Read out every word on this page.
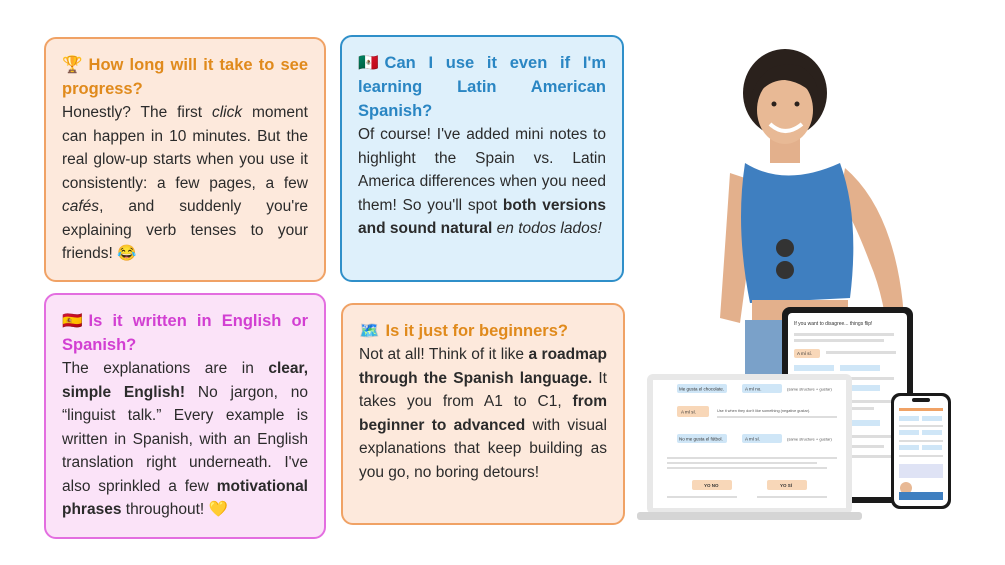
🏆 How long will it take to see progress?

Honestly? The first click moment can happen in 10 minutes. But the real glow-up starts when you use it consistently: a few pages, a few cafés, and suddenly you're explaining verb tenses to your friends! 😂

🇲🇽 Can I use it even if I'm learning Latin American Spanish?

Of course! I've added mini notes to highlight the Spain vs. Latin America differences when you need them! So you'll spot both versions and sound natural en todos lados!

🇪🇸 Is it written in English or Spanish?

The explanations are in clear, simple English! No jargon, no “linguist talk.” Every example is written in Spanish, with an English translation right underneath. I've also sprinkled a few motivational phrases throughout! 💛

🗺️ Is it just for beginners?

Not at all! Think of it like a roadmap through the Spanish language. It takes you from A1 to C1, from beginner to advanced with visual explanations that keep building as you go, no boring detours!

If you want to disagree... things flip!
A mí sí.
Me gusta el chocolate.	A mí no.	(same structure + gustar)
A mí sí.	Use it when they don't like something (negative gustar).
No me gusta el fútbol.	A mí sí.	(same structure + gustar)
YO NO	YO SÍ
